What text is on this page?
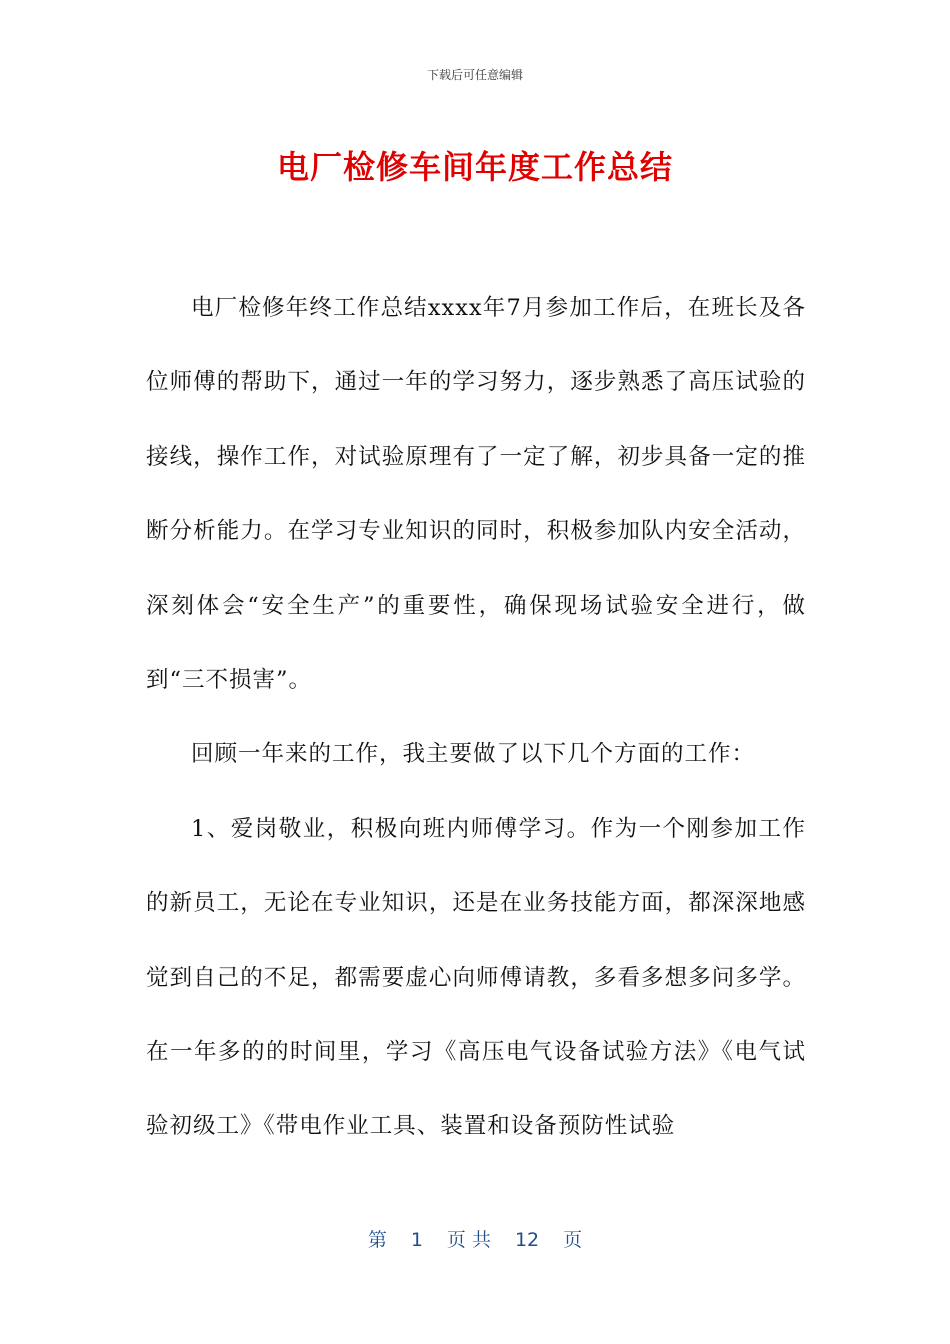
下载后可任意编辑
电厂检修车间年度工作总结

电厂检修年终工作总结xxxx年7月参加工作后，在班长及各位师傅的帮助下，通过一年的学习努力，逐步熟悉了高压试验的接线，操作工作，对试验原理有了一定了解，初步具备一定的推断分析能力。在学习专业知识的同时，积极参加队内安全活动，深刻体会“安全生产”的重要性，确保现场试验安全进行，做到“三不损害”。

回顾一年来的工作，我主要做了以下几个方面的工作：

1、爱岗敬业，积极向班内师傅学习。作为一个刚参加工作的新员工，无论在专业知识，还是在业务技能方面，都深深地感觉到自己的不足，都需要虚心向师傅请教，多看多想多问多学。在一年多的的时间里，学习《高压电气设备试验方法》《电气试验初级工》《带电作业工具、装置和设备预防性试验

第 1 页 共 12 页
